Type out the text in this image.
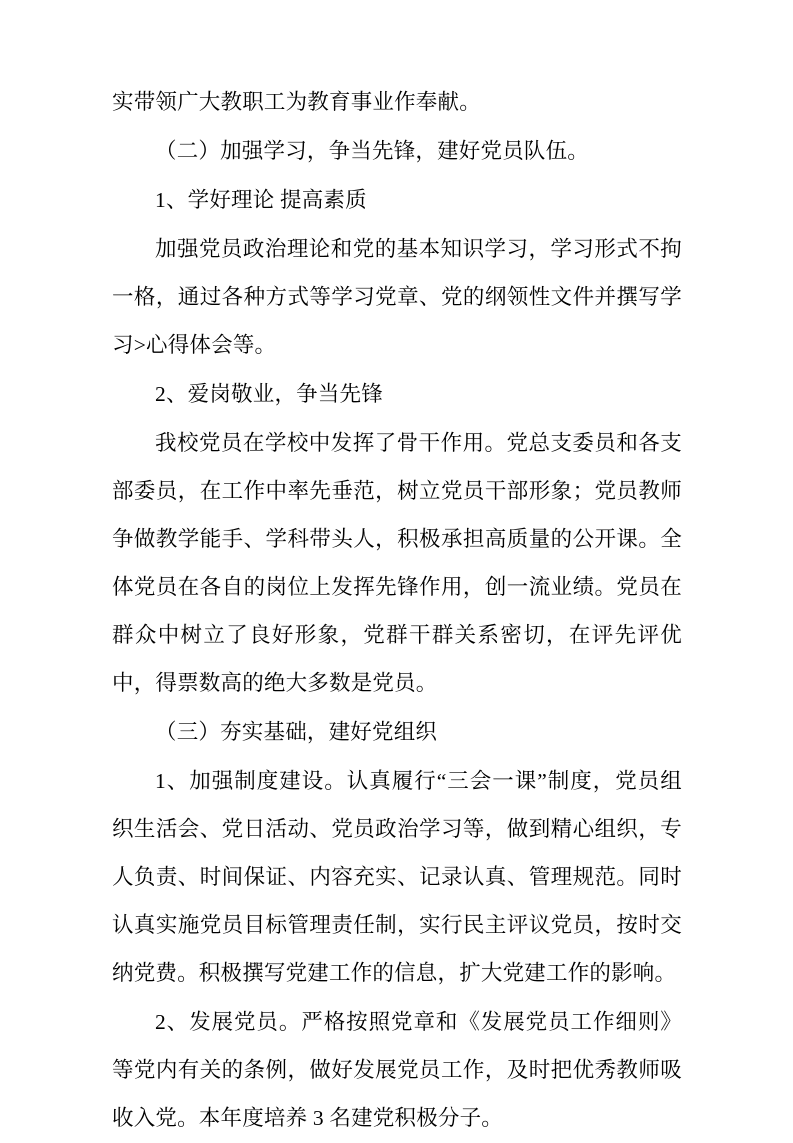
实带领广大教职工为教育事业作奉献。

（二）加强学习，争当先锋，建好党员队伍。

1、学好理论 提高素质

加强党员政治理论和党的基本知识学习，学习形式不拘一格，通过各种方式等学习党章、党的纲领性文件并撰写学习>心得体会等。

2、爱岗敬业，争当先锋

我校党员在学校中发挥了骨干作用。党总支委员和各支部委员，在工作中率先垂范，树立党员干部形象；党员教师争做教学能手、学科带头人，积极承担高质量的公开课。全体党员在各自的岗位上发挥先锋作用，创一流业绩。党员在群众中树立了良好形象，党群干群关系密切，在评先评优中，得票数高的绝大多数是党员。

（三）夯实基础，建好党组织

1、加强制度建设。认真履行“三会一课”制度，党员组织生活会、党日活动、党员政治学习等，做到精心组织，专人负责、时间保证、内容充实、记录认真、管理规范。同时认真实施党员目标管理责任制，实行民主评议党员，按时交纳党费。积极撰写党建工作的信息，扩大党建工作的影响。

2、发展党员。严格按照党章和《发展党员工作细则》等党内有关的条例，做好发展党员工作，及时把优秀教师吸收入党。本年度培养 3 名建党积极分子。
